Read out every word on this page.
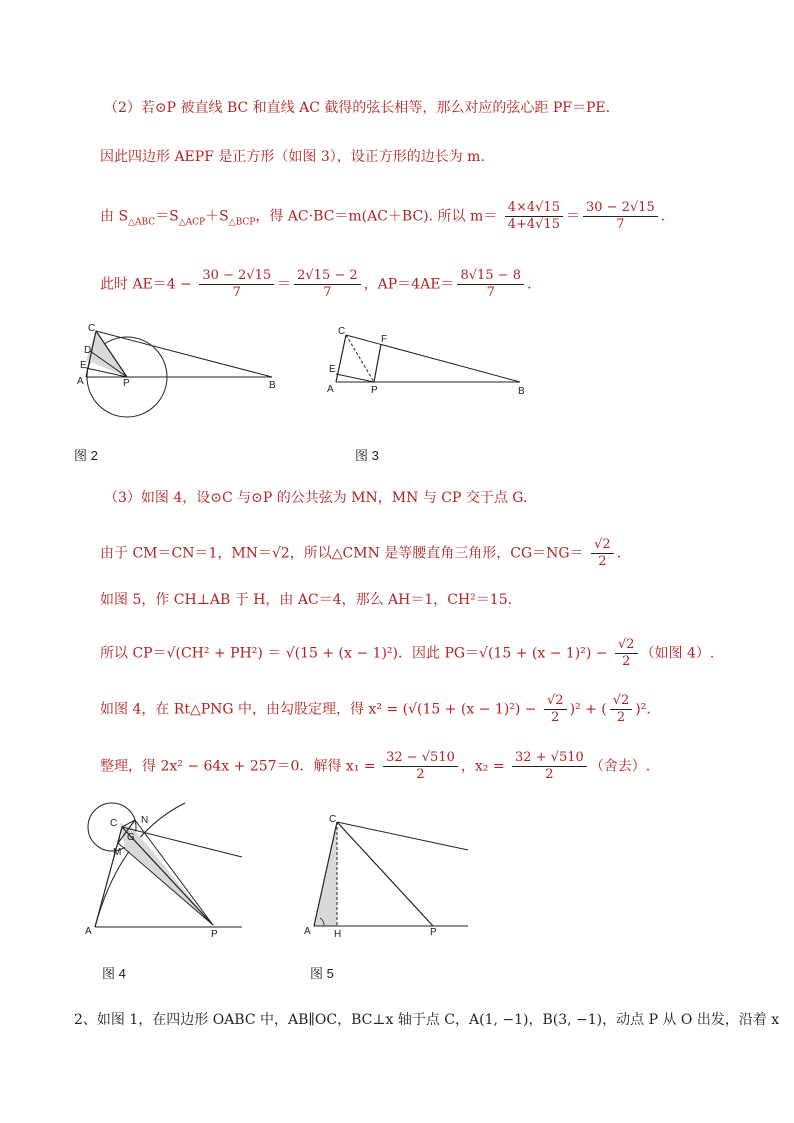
（2）若⊙P 被直线 BC 和直线 AC 截得的弦长相等，那么对应的弦心距 PF＝PE.
因此四边形 AEPF 是正方形（如图 3），设正方形的边长为 m.
由 $S_{\triangle ABC}=S_{\triangle ACP}+S_{\triangle BCP}$，得 AC·BC＝m(AC＋BC). 所以 $m= \frac{4\times 4√15}{4+4√15} = \frac{30 - 2√15}{7}$ .
此时 $AE=4 - \frac{30 - 2√15}{7} = \frac{2√15 - 2}{7}$ ，$AP=4AE= \frac{8√15 - 8}{7}$ .
C
D
E
A	P	B
C
F
E
A	P	B
图 2	图 3
（3）如图 4，设⊙C 与⊙P 的公共弦为 MN，MN 与 CP 交于点 G.
由于 CM＝CN＝1，MN＝√2，所以△CMN 是等腰直角三角形，$CG=NG= \frac{√2}{2}$ .
如图 5，作 CH⊥AB 于 H，由 AC＝4，那么 AH＝1，CH²＝15.
所以 CP＝√(CH² + PH²) ＝ √(15 + (x − 1)²)．因此 $PG=√(15 + (x - 1)^2) - \frac{√2}{2}$ （如图 4）.
如图 4，在 Rt△PNG 中，由勾股定理，得 $x^2 = (√(15 + (x - 1)^2) - \frac{√2}{2} )^2$ + ( $\frac{√2}{2} )^2$.
整理，得 2x² − 64x + 257＝0．解得 $x_1 = \frac{32 - √510}{2}$ ，$x_2 = \frac{32 + √510}{2}$ （舍去）.
C N
G
M
A	P
C
A H	P
图 4	图 5
2、如图 1，在四边形 OABC 中，AB∥OC，BC⊥x 轴于点 C，A(1, −1)，B(3, −1)，动点 P 从 O 出发，沿着 x
